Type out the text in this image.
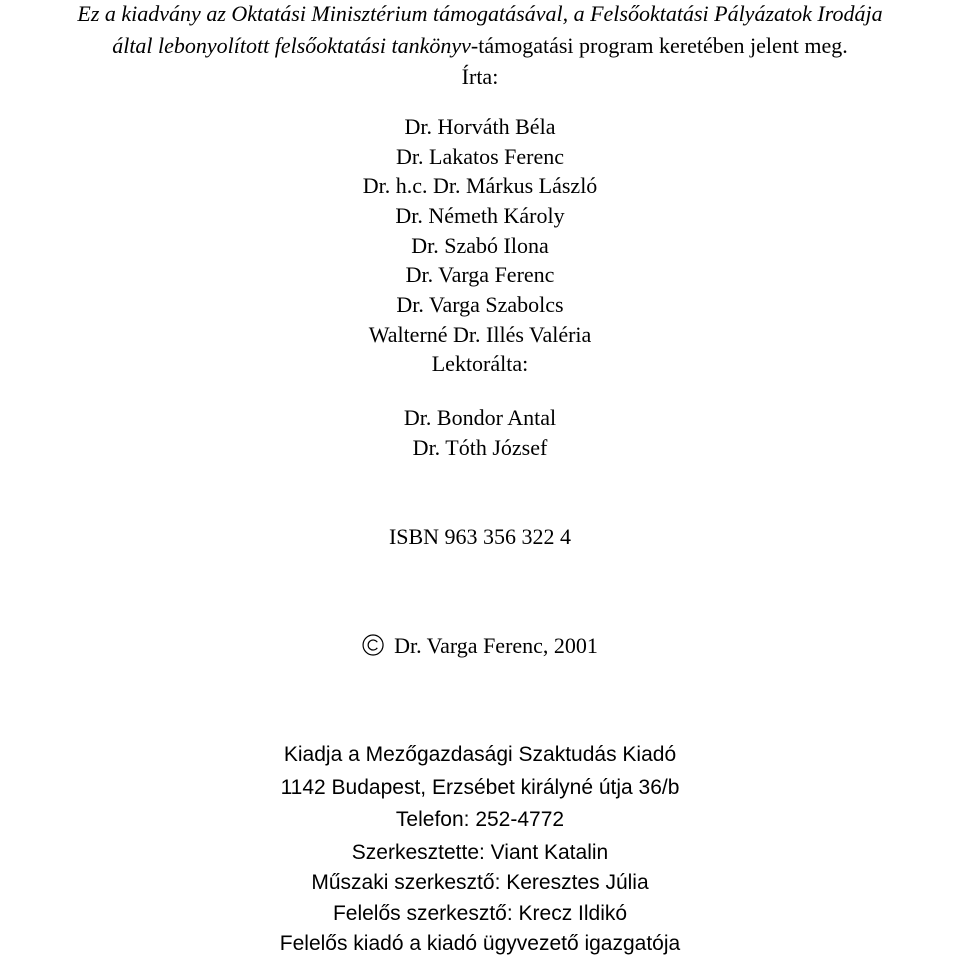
Ez a kiadvány az Oktatási Minisztérium támogatásával, a Felsőoktatási Pályázatok Irodája
által lebonyolított felsőoktatási tankönyv-támogatási program keretében jelent meg.
Írta:
Dr. Horváth Béla
Dr. Lakatos Ferenc
Dr. h.c. Dr. Márkus László
Dr. Németh Károly
Dr. Szabó Ilona
Dr. Varga Ferenc
Dr. Varga Szabolcs
Walterné Dr. Illés Valéria
Lektorálta:
Dr. Bondor Antal
Dr. Tóth József
ISBN 963 356 322 4
Dr. Varga Ferenc, 2001
Kiadja a Mezőgazdasági Szaktudás Kiadó
1142 Budapest, Erzsébet királyné útja 36/b
Telefon: 252-4772
Szerkesztette: Viant Katalin
Műszaki szerkesztő: Keresztes Júlia
Felelős szerkesztő: Krecz Ildikó
Felelős kiadó a kiadó ügyvezető igazgatója
